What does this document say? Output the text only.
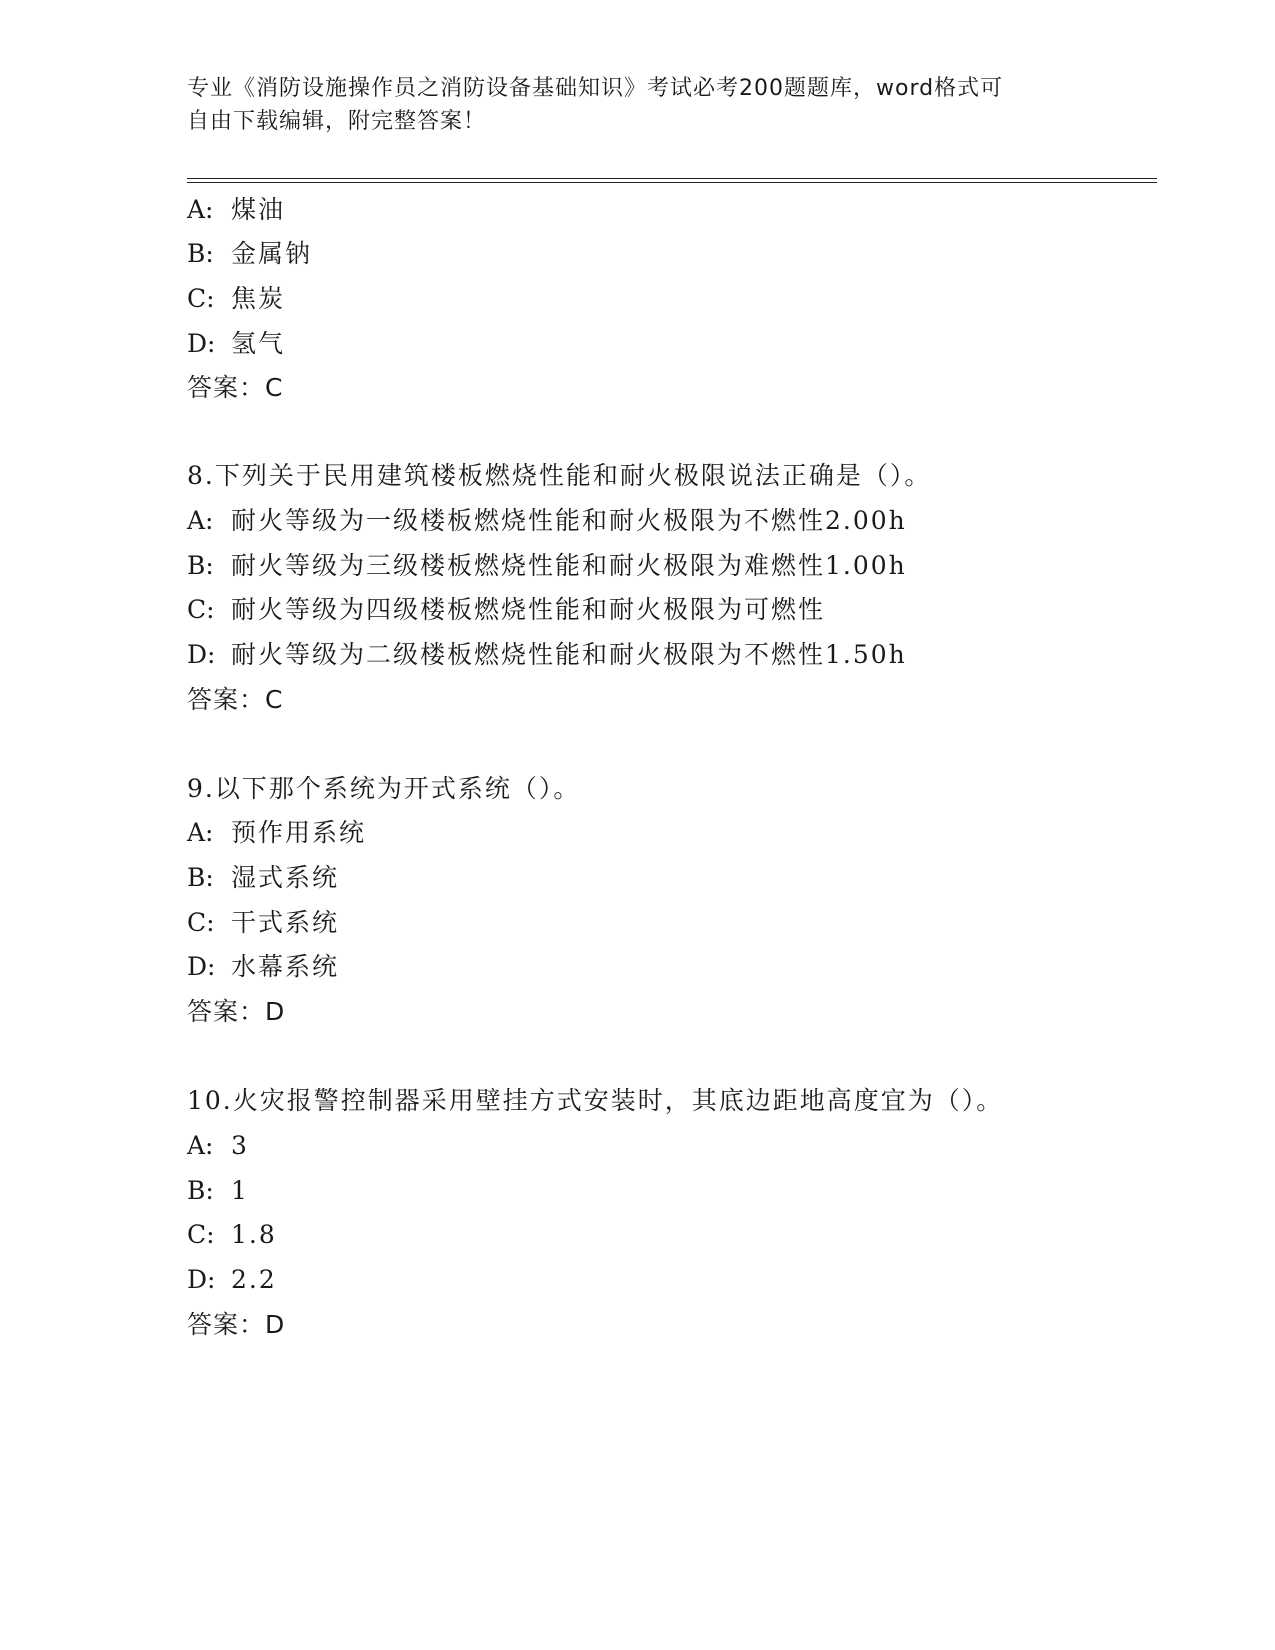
专业《消防设施操作员之消防设备基础知识》考试必考200题题库，word格式可
自由下载编辑，附完整答案！
A: 煤油
B: 金属钠
C: 焦炭
D: 氢气
答案：C
8.下列关于民用建筑楼板燃烧性能和耐火极限说法正确是（）。
A: 耐火等级为一级楼板燃烧性能和耐火极限为不燃性2.00h
B: 耐火等级为三级楼板燃烧性能和耐火极限为难燃性1.00h
C: 耐火等级为四级楼板燃烧性能和耐火极限为可燃性
D: 耐火等级为二级楼板燃烧性能和耐火极限为不燃性1.50h
答案：C
9.以下那个系统为开式系统（）。
A: 预作用系统
B: 湿式系统
C: 干式系统
D: 水幕系统
答案：D
10.火灾报警控制器采用壁挂方式安装时，其底边距地高度宜为（）。
A: 3
B: 1
C: 1.8
D: 2.2
答案：D
